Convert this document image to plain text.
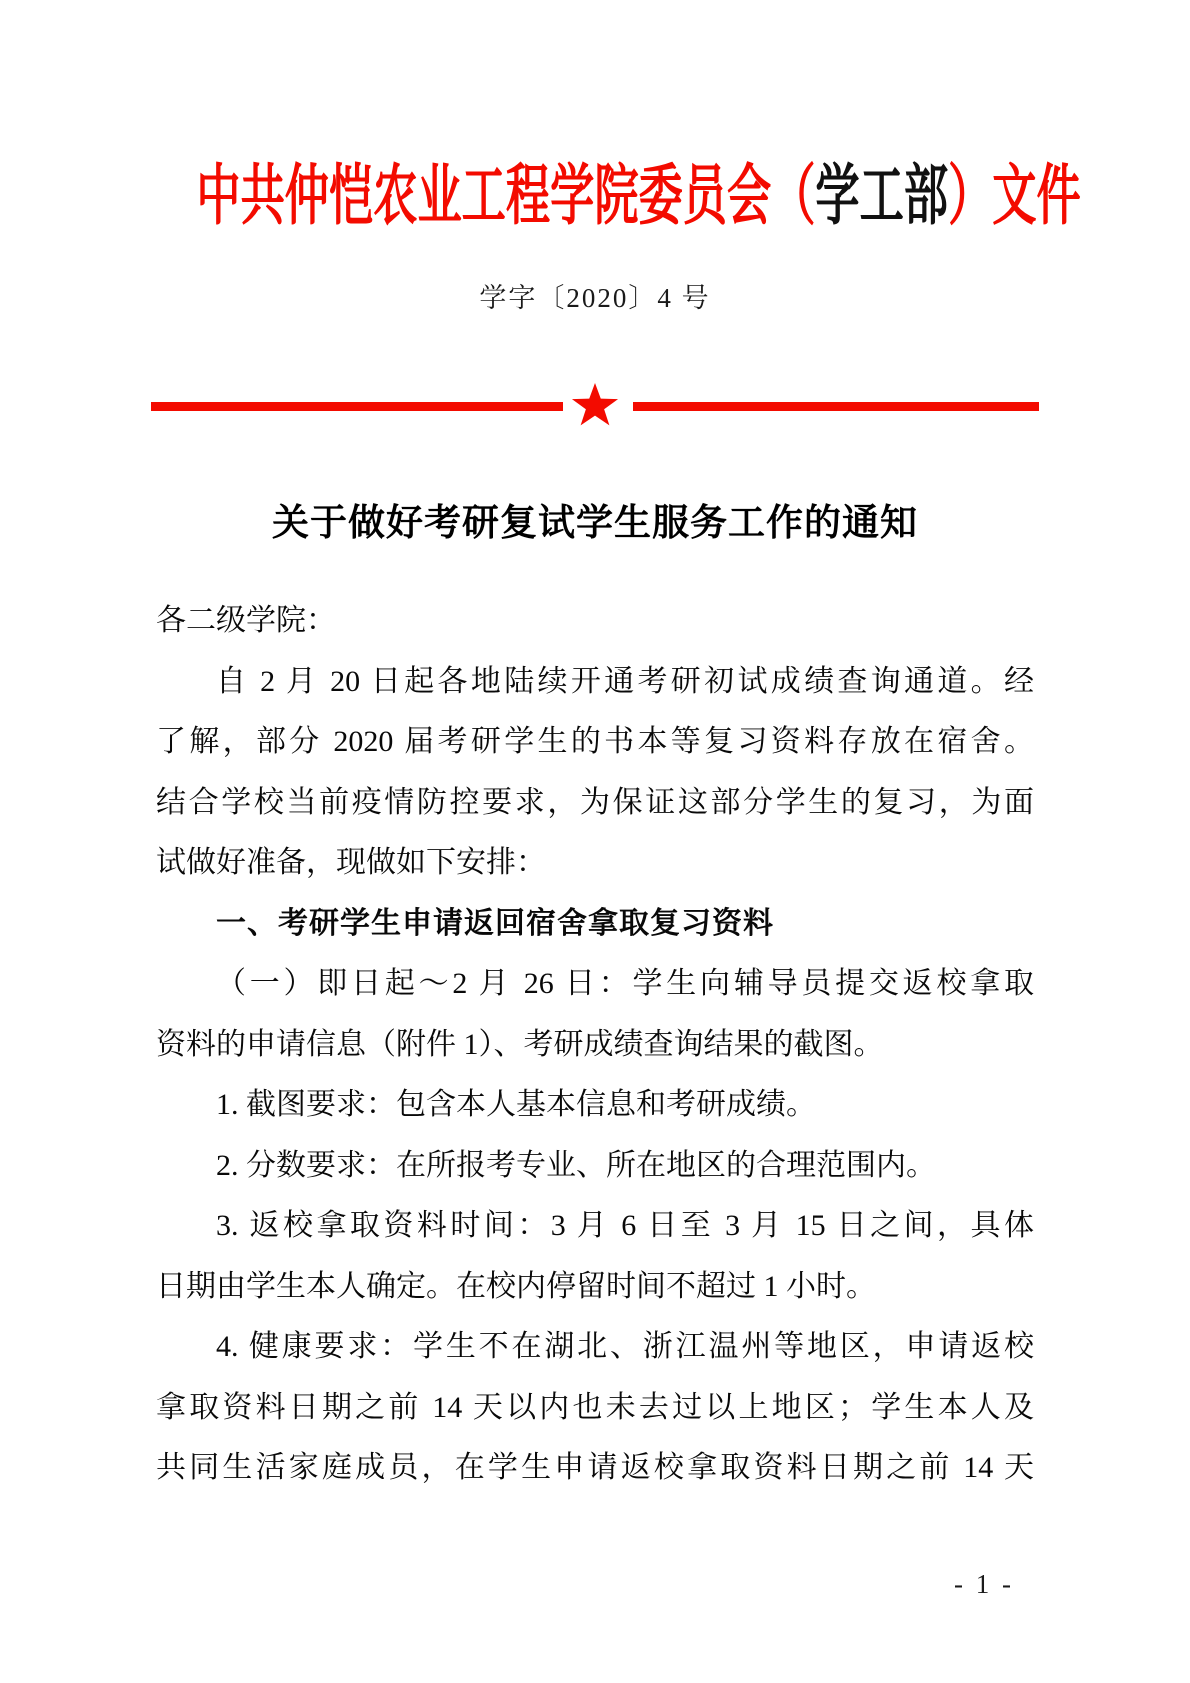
中共仲恺农业工程学院委员会（学工部）文件
学字〔2020〕4 号
关于做好考研复试学生服务工作的通知
各二级学院：
自 2 月 20 日起各地陆续开通考研初试成绩查询通道。经
了解，部分 2020 届考研学生的书本等复习资料存放在宿舍。
结合学校当前疫情防控要求，为保证这部分学生的复习，为面
试做好准备，现做如下安排：
一、考研学生申请返回宿舍拿取复习资料
（一）即日起～2 月 26 日：学生向辅导员提交返校拿取
资料的申请信息（附件 1）、考研成绩查询结果的截图。
1. 截图要求：包含本人基本信息和考研成绩。
2. 分数要求：在所报考专业、所在地区的合理范围内。
3. 返校拿取资料时间：3 月 6 日至 3 月 15 日之间，具体
日期由学生本人确定。在校内停留时间不超过 1 小时。
4. 健康要求：学生不在湖北、浙江温州等地区，申请返校
拿取资料日期之前 14 天以内也未去过以上地区；学生本人及
共同生活家庭成员，在学生申请返校拿取资料日期之前 14 天
- 1 -
